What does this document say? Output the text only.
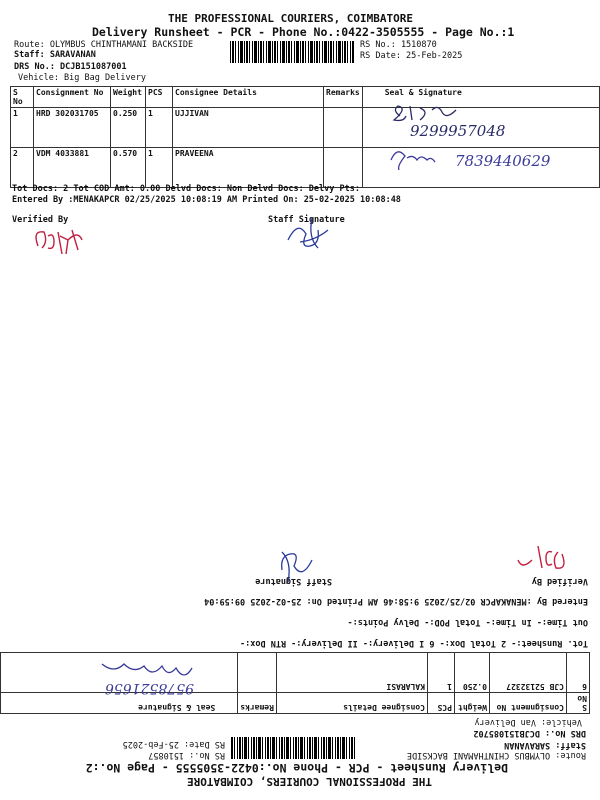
THE PROFESSIONAL COURIERS, COIMBATORE
Delivery Runsheet - PCR - Phone No.:0422-3505555 - Page No.:1
Route: OLYMBUS CHINTHAMANI BACKSIDE
Staff: SARAVANAN
DRS No.: DCJB151087001
Vehicle: Big Bag Delivery
RS No.: 1510870
RS Date: 25-Feb-2025
S No	Consignment No	Weight	PCS	Consignee Details	Remarks	Seal & Signature
1	HRD 302031705	0.250	1	UJJIVAN		
2	VDM 4033881	0.570	1	PRAVEENA		
9299957048
7839440629
Tot Docs: 2 Tot COD Amt: 0.00 Delvd Docs: Non Delvd Docs: Delvy Pts:
Entered By :MENAKAPCR 02/25/2025 10:08:19 AM Printed On: 25-02-2025 10:08:48
Verified By	Staff Signature
THE PROFESSIONAL COURIERS, COIMBATORE
Delivery Runsheet - PCR - Phone No.:0422-3505555 - Page No.:2
Route: OLYMBUS CHINTHAMANI BACKSIDE
Staff: SARAVANAN
DRS No.: DCJB151085702
Vehicle: Van Delivery
RS No.: 1510857
RS Date: 25-Feb-2025
S No	Consignment No	Weight	PCS	Consignee Details	Remarks	Seal & Signature
6	CJB 52132327	0.250	1	KALARASI		
9578521656
Tot. Runsheet:- 2 Total Dox:- 6 I Delivery:- II Delivery:- RTN Dox:-
Out Time:- In Time:- Total POD:- Delvy Points:-
Entered By :MENAKAPCR 02/25/2025 9:58:46 AM Printed On: 25-02-2025 09:59:04
Verified By
Staff Signature
